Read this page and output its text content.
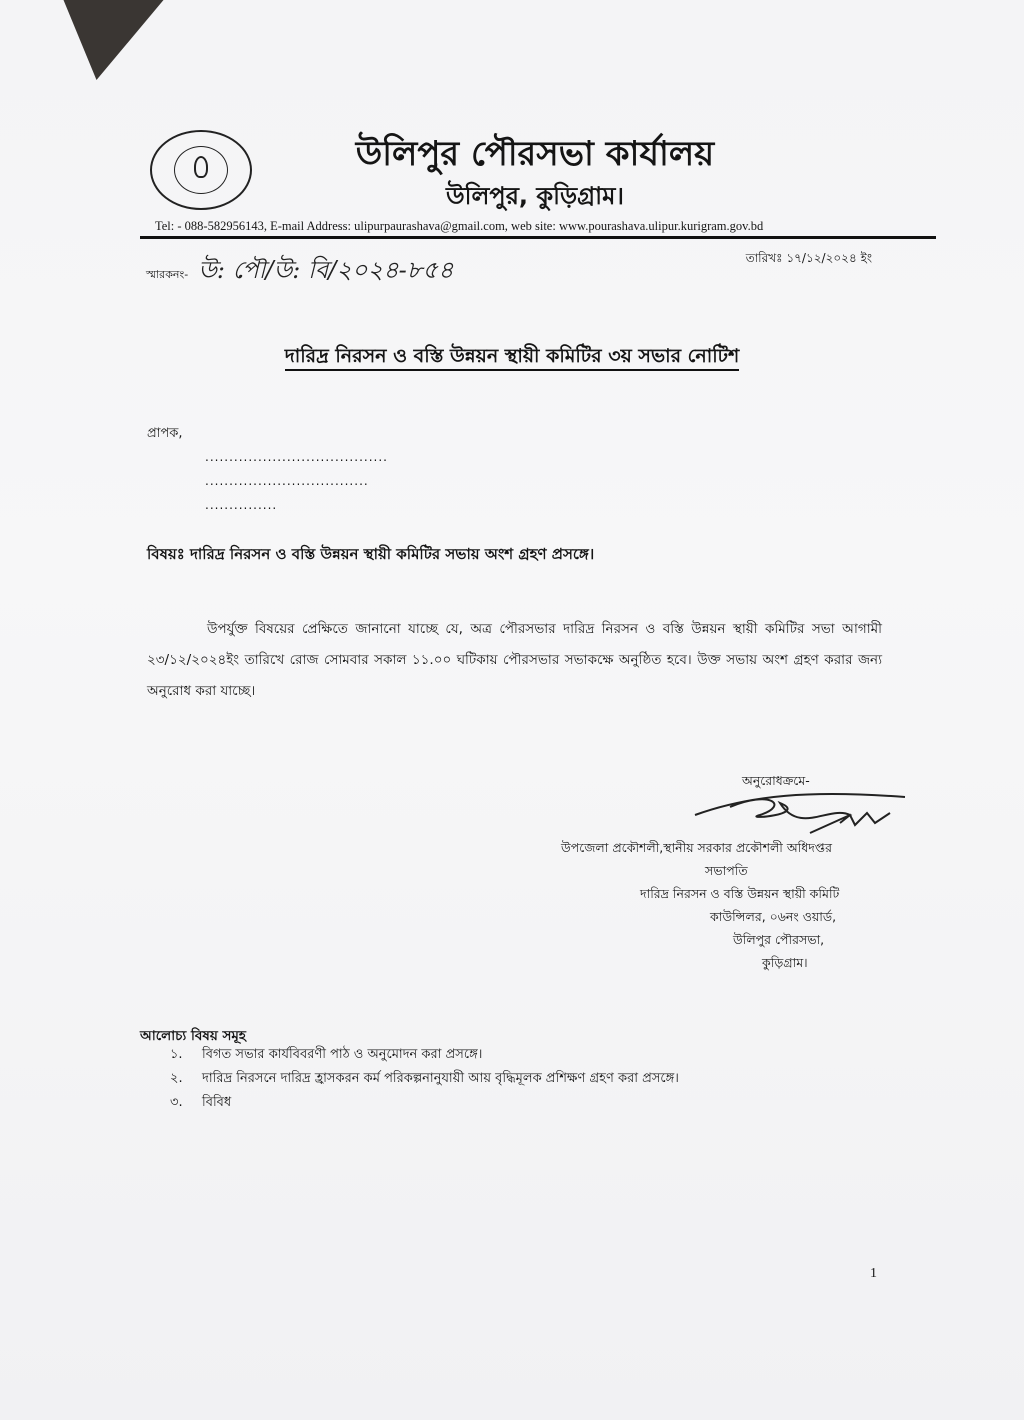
উলিপুর পৌরসভা কার্যালয়
উলিপুর, কুড়িগ্রাম।
Tel: - 088-582956143, E-mail Address: ulipurpaurashava@gmail.com, web site: www.pourashava.ulipur.kurigram.gov.bd
স্মারকনং- উ: পৌ/উ: বি/২০২৪-৮৫৪	তারিখঃ ১৭/১২/২০২৪ ইং
দারিদ্র নিরসন ও বস্তি উন্নয়ন স্থায়ী কমিটির ৩য় সভার নোটিশ
প্রাপক,
......................................
..................................
...............
বিষয়ঃ দারিদ্র নিরসন ও বস্তি উন্নয়ন স্থায়ী কমিটির সভায় অংশ গ্রহণ প্রসঙ্গে।
উপর্যুক্ত বিষয়ের প্রেক্ষিতে জানানো যাচ্ছে যে, অত্র পৌরসভার দারিদ্র নিরসন ও বস্তি উন্নয়ন স্থায়ী কমিটির সভা আগামী ২৩/১২/২০২৪ইং তারিখে রোজ সোমবার সকাল ১১.০০ ঘটিকায় পৌরসভার সভাকক্ষে অনুষ্ঠিত হবে। উক্ত সভায় অংশ গ্রহণ করার জন্য অনুরোধ করা যাচ্ছে।
অনুরোধক্রমে-
উপজেলা প্রকৌশলী,স্থানীয় সরকার প্রকৌশলী অধিদপ্তর
সভাপতি
দারিদ্র নিরসন ও বস্তি উন্নয়ন স্থায়ী কমিটি
কাউন্সিলর, ০৬নং ওয়ার্ড,
উলিপুর পৌরসভা,
কুড়িগ্রাম।
আলোচ্য বিষয় সমূহ
১. বিগত সভার কার্যবিবরণী পাঠ ও অনুমোদন করা প্রসঙ্গে।
২. দারিদ্র নিরসনে দারিদ্র হ্রাসকরন কর্ম পরিকল্পনানুযায়ী আয় বৃদ্ধিমূলক প্রশিক্ষণ গ্রহণ করা প্রসঙ্গে।
৩. বিবিধ
1
